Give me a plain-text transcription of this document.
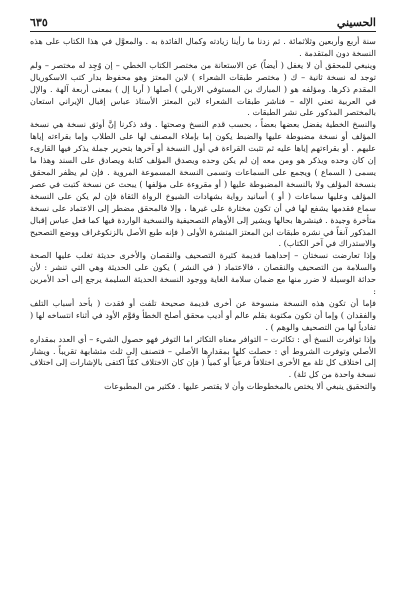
٦٣٥	الحسيني

سنة أربع وأربعين وثلاثمائة . ثم زدنا ما رأينا زيادته وكمال الفائدة به . والمعوَّل في هذا الكتاب على هذه النسخة دون المتقدمة .

وينبغي للمحقق أن لا يغفل ( أيضاً) عن الاستعانة من مختصر الكتاب الخطي – إن وُجِد له مختصر – ولم توجد له نسخة ثانية – ك ( مختصر طبقات الشعراء ) لابن المعتز وهو محفوظ بدار كتب الاسكوريال المقدم ذكرها. ومؤلفه هو ( المبارك بن المستوفي الاربلي ) أصلها ( أربا إل ) بمعنى أربعة آلهة . والإل في العربية تعني الإله – فناشر طبقات الشعراء لابن المعتز الأستاذ عباس إقبال الإيراني استعان بالمختصر المذكور على نشر الطبقات .

والنسخ الخطية يفضل بعضها بعضاً ، بحسب قدم النسخ وصحتها . وقد ذكرنا إنَّ أوثق نسخة هي نسخة المؤلف أو نسخة مضبوطة عليها والضبط يكون إما بإملاء المصنف لها على الطلاب وإما بقراءته إياها عليهم . أو بقراءتهم إياها عليه ثم تثبت القراءة في أول النسخة أو آخرها بتحرير جملة يذكر فيها القارىء إن كان وحده ويذكر هو ومن معه إن لم يكن وحده ويصدق المؤلف كتابة ويصادق على السند وهذا ما يسمى ( السماع ) ويجمع على السماعات وتسمى النسخة المسموعة المروية . فإن لم يظفر المحقق بنسخة المؤلف ولا بالنسخة المضبوطة عليها ( أو مقروءة على مؤلفها ) يبحث عن نسخة كتبت في عصر المؤلف وعليها سماعات ( أو ) أسانيد رواية بشهادات الشيوخ الرواة الثقاة فإن لم يكن على النسخة سماع فقدمها يشفع لها في أن تكون مختارة على غيرها ، وإلا فالمحقق مضطر إلى الاعتماد على نسخة متأخرة وجيدة . فينشرها بحالها ويشير إلى الأوهام التصحيفية والنسخية الواردة فيها كما فعل عباس إقبال المذكور آنفاً في نشره طبقات ابن المعتز المنشرة الأولى ( فإنه طبع الأصل بالزنكوغراف ووضع التصحيح والاستدراك في آخر الكتاب) .

وإذا تعارضت نسختان – إحداهما قديمة كثيرة التصحيف والنقصان والأخرى حديثة تغلب عليها الصحة والسلامة من التصحيف والنقصان ، فالاعتماد ( في النشر ) يكون على الحديثة وهي التي تنشر : لأن حداثة الوسيلة لا ضرر منها مع ضمان سلامة الغاية ووجود النسخة الحديثة السليمة يرجع إلى أحد الأمرين :

فإما أن تكون هذه النسخة منسوخة عن أخرى قديمة صحيحة تلفت أو فقدت ( بأحد أسباب التلف والفقدان ) وإما أن تكون مكتوبة بقلم عالم أو أديب محقق أصلح الخطأ وقوَّم الأود في أثناء انتساخه لها ( تفادياً لها من التصحيف والوهم ) .

وإذا توافرت النسخ أي : تكاثرت – التوافر معناه التكاثر اما التوفر فهو حصول الشيء – أي العدد بمقداره الأصلي وتوفرت الشروط أي : حصلت كلها بمقدارها الأصلي – فتصنف إلى ثلث متشابهة تقريباً . ويشار إلى اختلاف كل ثلة مع الأخرى اختلافاً فرعياً أو كمياً ( فإن كان الاختلاف كمّاً اكتفى بالإشارات إلى اختلاف نسخة واحدة من كل ثلة) .

والتحقيق ينبغي ألا يختص بالمخطوطات وأن لا يقتصر عليها . فكثير من المطبوعات
